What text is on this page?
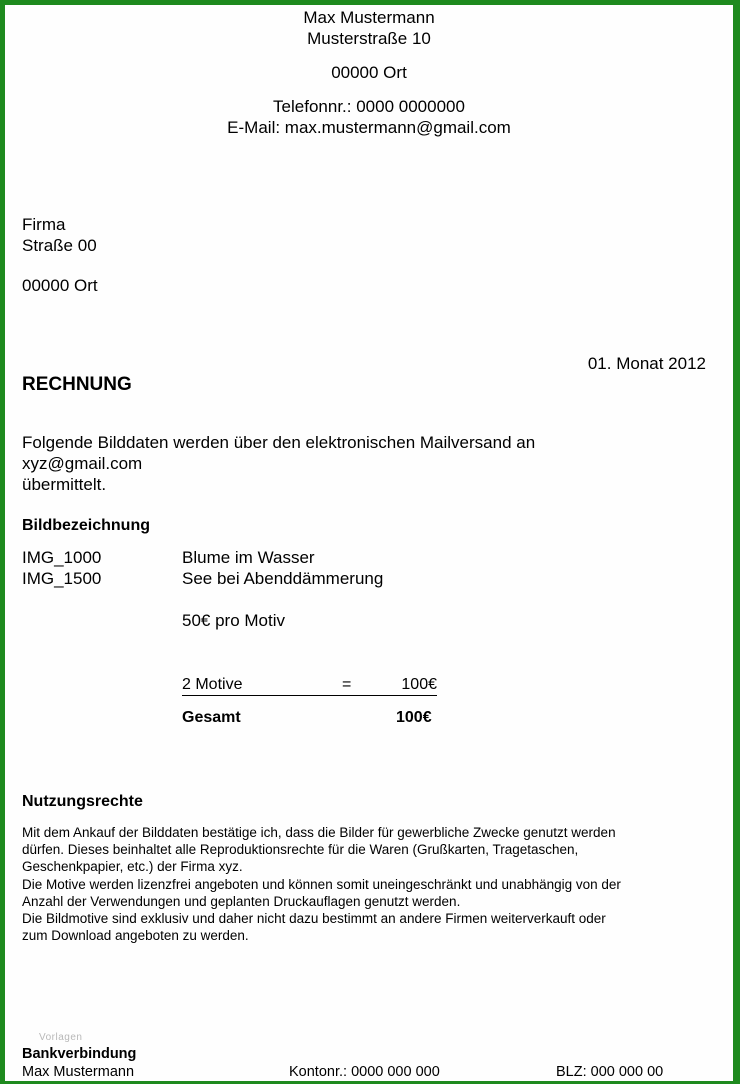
Max Mustermann
Musterstraße 10
00000 Ort
Telefonnr.: 0000 0000000
E-Mail: max.mustermann@gmail.com
Firma
Straße 00
00000 Ort
01. Monat 2012
RECHNUNG
Folgende Bilddaten werden über den elektronischen Mailversand an
xyz@gmail.com
übermittelt.
Bildbezeichnung
IMG_1000	Blume im Wasser
IMG_1500	See bei Abenddämmerung
50€ pro Motiv
2 Motive	=	100€
Gesamt	100€
Nutzungsrechte
Mit dem Ankauf der Bilddaten bestätige ich, dass die Bilder für gewerbliche Zwecke genutzt werden
dürfen. Dieses beinhaltet alle Reproduktionsrechte für die Waren (Grußkarten, Tragetaschen,
Geschenkpapier, etc.) der Firma xyz.
Die Motive werden lizenzfrei angeboten und können somit uneingeschränkt und unabhängig von der
Anzahl der Verwendungen und geplanten Druckauflagen genutzt werden.
Die Bildmotive sind exklusiv und daher nicht dazu bestimmt an andere Firmen weiterverkauft oder
zum Download angeboten zu werden.
Vorlagen
Bankverbindung
Max Mustermann	Kontonr.: 0000 000 000	BLZ: 000 000 00
